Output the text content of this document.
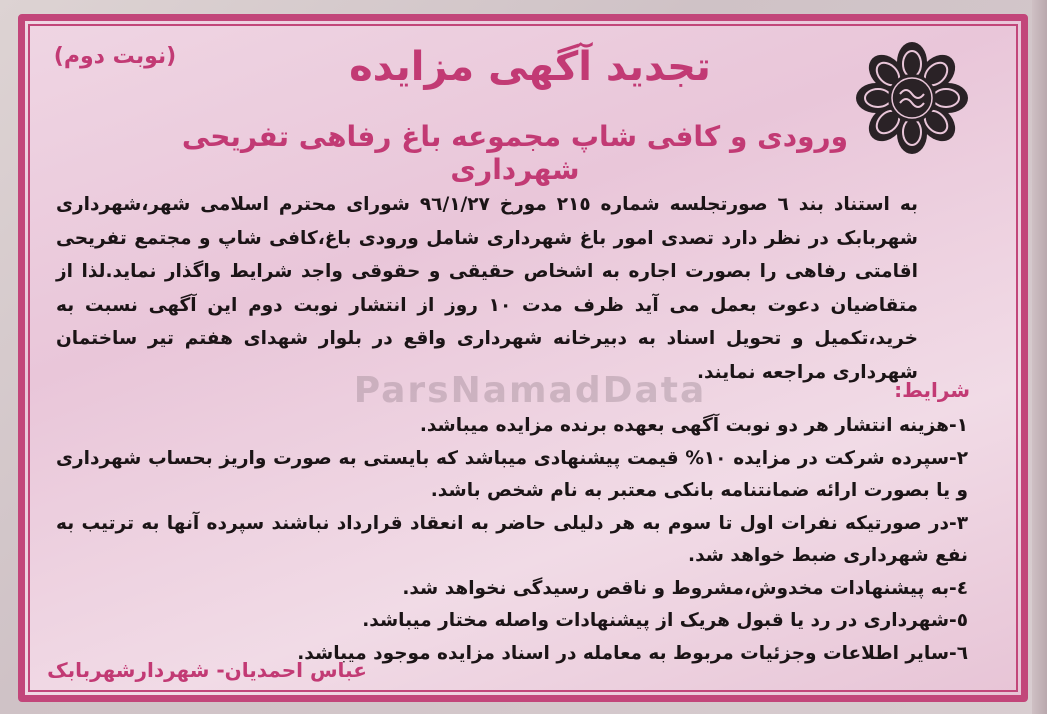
(نوبت دوم)	تجدید آگهی مزایده
ورودی و کافی شاپ مجموعه باغ رفاهی تفریحی شهرداری
به استناد بند ٦ صورتجلسه شماره ٢١٥ مورخ ٩٦/١/٢٧ شورای محترم اسلامی شهر،شهرداری شهربابک در نظر دارد تصدی امور باغ شهرداری شامل ورودی باغ،کافی شاپ و مجتمع تفریحی اقامتی رفاهی را بصورت اجاره به اشخاص حقیقی و حقوقی واجد شرایط واگذار نماید.لذا از متقاضیان دعوت بعمل می آید ظرف مدت ١٠ روز از انتشار نوبت دوم این آگهی نسبت به خرید،تکمیل و تحویل اسناد به دبیرخانه شهرداری واقع در بلوار شهدای هفتم تیر ساختمان شهرداری مراجعه نمایند.
ParsNamadData	شرایط:
١-هزینه انتشار هر دو نوبت آگهی بعهده برنده مزایده میباشد.
٢-سپرده شرکت در مزایده ١٠% قیمت پیشنهادی میباشد که بایستی به صورت واریز بحساب شهرداری و یا بصورت ارائه ضمانتنامه بانکی معتبر به نام شخص باشد.
٣-در صورتیکه نفرات اول تا سوم به هر دلیلی حاضر به انعقاد قرارداد نباشند سپرده آنها به ترتیب به نفع شهرداری ضبط خواهد شد.
٤-به پیشنهادات مخدوش،مشروط و ناقص رسیدگی نخواهد شد.
٥-شهرداری در رد یا قبول هریک از پیشنهادات واصله مختار میباشد.
٦-سایر اطلاعات وجزئیات مربوط به معامله در اسناد مزایده موجود میباشد.
عباس احمدیان- شهردارشهربابک
